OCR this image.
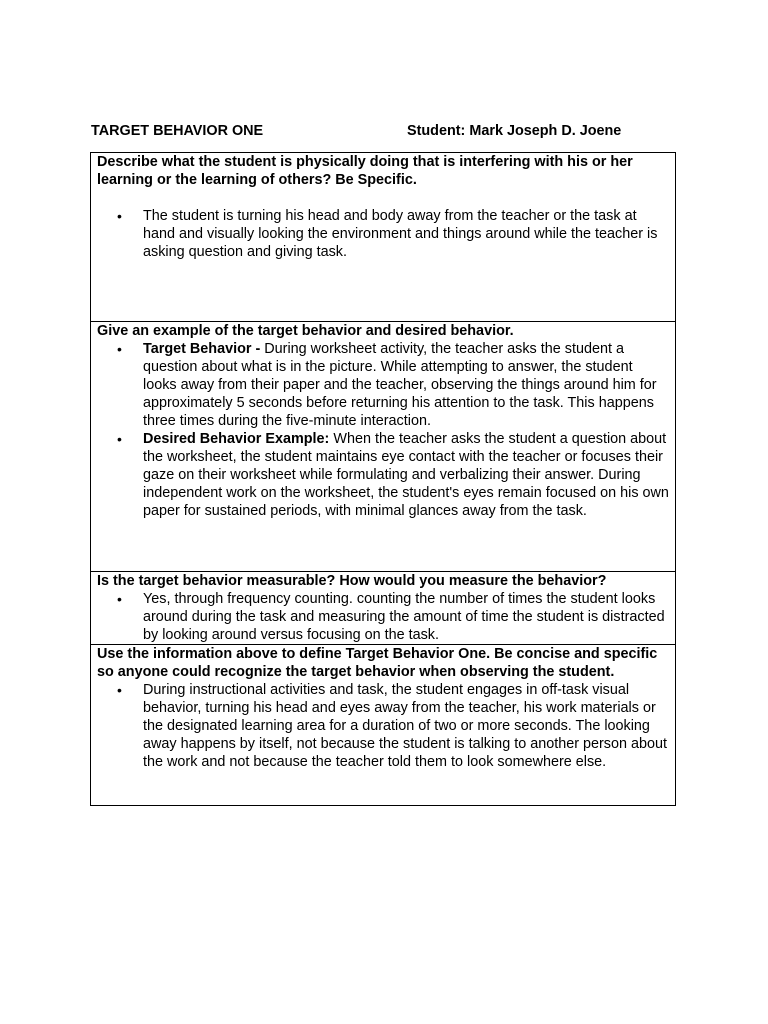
TARGET BEHAVIOR ONE	Student: Mark Joseph D. Joene

Describe what the student is physically doing that is interfering with his or her learning or the learning of others? Be Specific.

• The student is turning his head and body away from the teacher or the task at hand and visually looking the environment and things around while the teacher is asking question and giving task.

Give an example of the target behavior and desired behavior.

• Target Behavior - During worksheet activity, the teacher asks the student a question about what is in the picture. While attempting to answer, the student looks away from their paper and the teacher, observing the things around him for approximately 5 seconds before returning his attention to the task. This happens three times during the five-minute interaction.
• Desired Behavior Example: When the teacher asks the student a question about the worksheet, the student maintains eye contact with the teacher or focuses their gaze on their worksheet while formulating and verbalizing their answer. During independent work on the worksheet, the student's eyes remain focused on his own paper for sustained periods, with minimal glances away from the task.

Is the target behavior measurable? How would you measure the behavior?

• Yes, through frequency counting. counting the number of times the student looks around during the task and measuring the amount of time the student is distracted by looking around versus focusing on the task.

Use the information above to define Target Behavior One. Be concise and specific so anyone could recognize the target behavior when observing the student.

• During instructional activities and task, the student engages in off-task visual behavior, turning his head and eyes away from the teacher, his work materials or the designated learning area for a duration of two or more seconds. The looking away happens by itself, not because the student is talking to another person about the work and not because the teacher told them to look somewhere else.
